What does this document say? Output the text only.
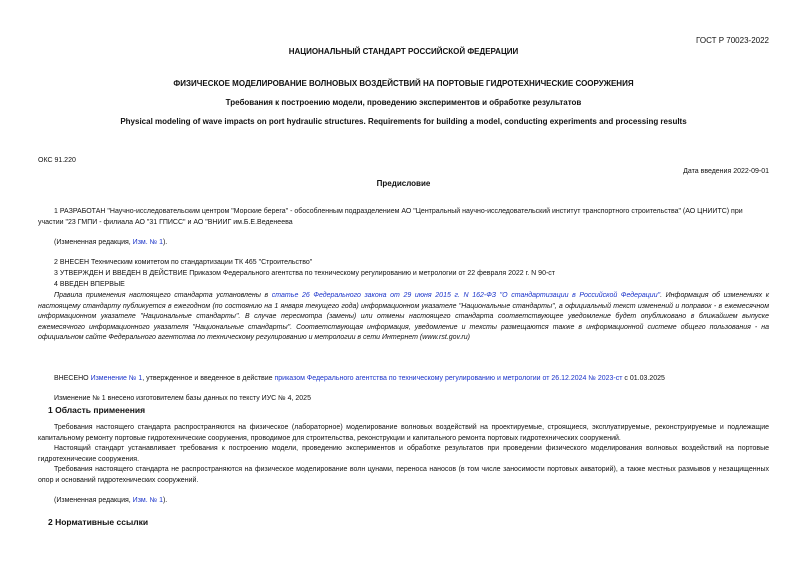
ГОСТ Р 70023-2022
НАЦИОНАЛЬНЫЙ СТАНДАРТ РОССИЙСКОЙ ФЕДЕРАЦИИ
ФИЗИЧЕСКОЕ МОДЕЛИРОВАНИЕ ВОЛНОВЫХ ВОЗДЕЙСТВИЙ НА ПОРТОВЫЕ ГИДРОТЕХНИЧЕСКИЕ СООРУЖЕНИЯ
Требования к построению модели, проведению экспериментов и обработке результатов
Physical modeling of wave impacts on port hydraulic structures. Requirements for building a model, conducting experiments and processing results
ОКС 91.220
Дата введения 2022-09-01
Предисловие
1 РАЗРАБОТАН "Научно-исследовательским центром "Морские берега" - обособленным подразделением АО "Центральный научно-исследовательский институт транспортного строительства" (АО ЦНИИТС) при
участии "23 ГМПИ - филиала АО "31 ГПИСС" и АО "ВНИИГ им.Б.Е.Веденеева
(Измененная редакция, Изм. № 1).
2 ВНЕСЕН Техническим комитетом по стандартизации ТК 465 "Строительство"
3 УТВЕРЖДЕН И ВВЕДЕН В ДЕЙСТВИЕ Приказом Федерального агентства по техническому регулированию и метрологии от 22 февраля 2022 г. N 90-ст
4 ВВЕДЕН ВПЕРВЫЕ
Правила применения настоящего стандарта установлены в статье 26 Федерального закона от 29 июня 2015 г. N 162-ФЗ "О стандартизации в Российской Федерации". Информация об изменениях к настоящему стандарту публикуется в ежегодном (по состоянию на 1 января текущего года) информационном указателе "Национальные стандарты", а официальный текст изменений и поправок - в ежемесячном информационном указателе "Национальные стандарты". В случае пересмотра (замены) или отмены настоящего стандарта соответствующее уведомление будет опубликовано в ближайшем выпуске ежемесячного информационного указателя "Национальные стандарты". Соответствующая информация, уведомление и тексты размещаются также в информационной системе общего пользования - на официальном сайте Федерального агентства по техническому регулированию и метрологии в сети Интернет (www.rst.gov.ru)
ВНЕСЕНО Изменение № 1, утвержденное и введенное в действие приказом Федерального агентства по техническому регулированию и метрологии от 26.12.2024 № 2023-ст с 01.03.2025
Изменение № 1 внесено изготовителем базы данных по тексту ИУС № 4, 2025
1 Область применения
Требования настоящего стандарта распространяются на физическое (лабораторное) моделирование волновых воздействий на проектируемые, строящиеся, эксплуатируемые, реконструируемые и подлежащие капитальному ремонту портовые гидротехнические сооружения, проводимое для строительства, реконструкции и капитального ремонта портовых гидротехнических сооружений.
Настоящий стандарт устанавливает требования к построению модели, проведению экспериментов и обработке результатов при проведении физического моделирования волновых воздействий на портовые гидротехнические сооружения.
Требования настоящего стандарта не распространяются на физическое моделирование волн цунами, переноса наносов (в том числе заносимости портовых акваторий), а также местных размывов у незащищенных опор и оснований гидротехнических сооружений.
(Измененная редакция, Изм. № 1).
2 Нормативные ссылки
